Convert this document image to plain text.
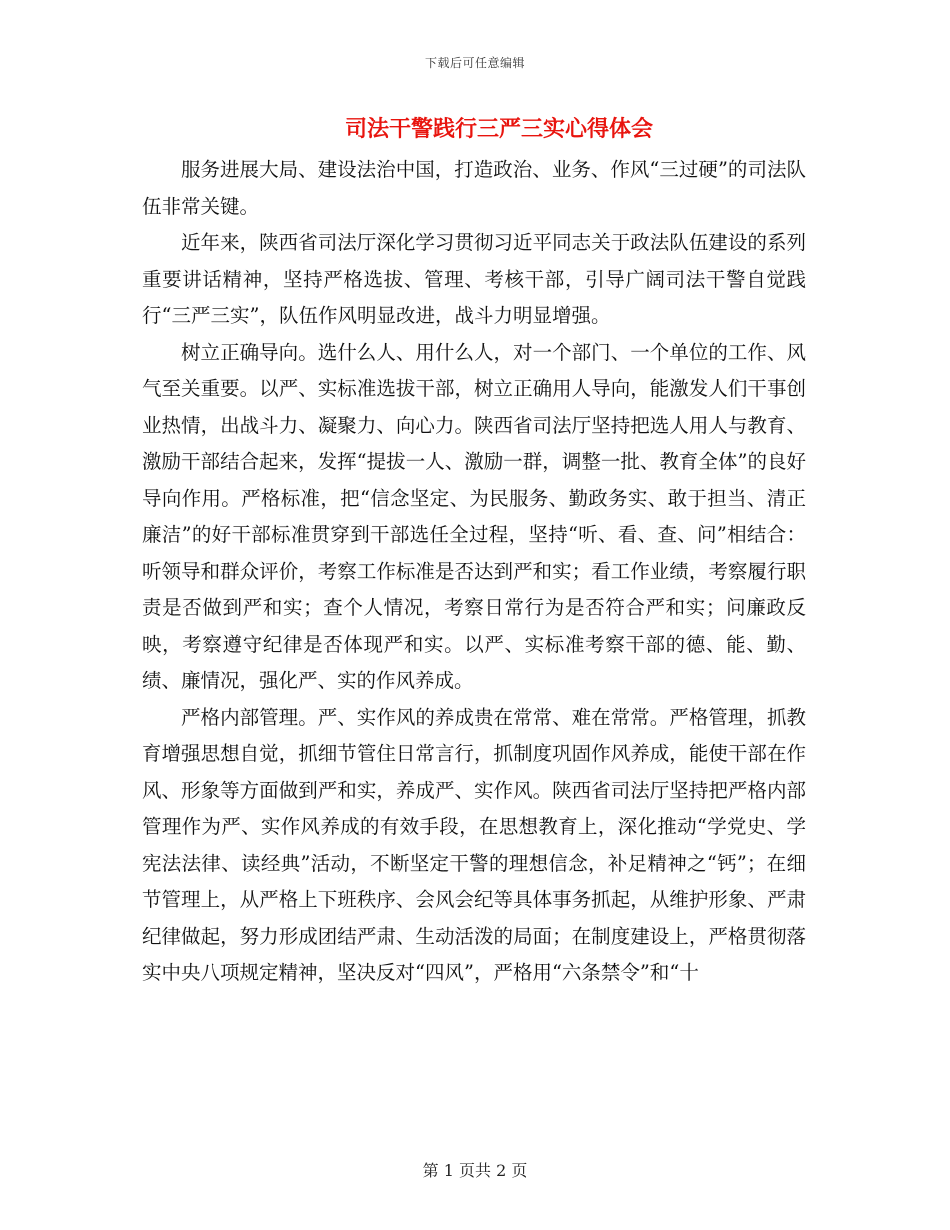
下载后可任意编辑
司法干警践行三严三实心得体会

服务进展大局、建设法治中国，打造政治、业务、作风“三过硬”的司法队伍非常关键。

近年来，陕西省司法厅深化学习贯彻习近平同志关于政法队伍建设的系列重要讲话精神，坚持严格选拔、管理、考核干部，引导广阔司法干警自觉践行“三严三实”，队伍作风明显改进，战斗力明显增强。

树立正确导向。选什么人、用什么人，对一个部门、一个单位的工作、风气至关重要。以严、实标准选拔干部，树立正确用人导向，能激发人们干事创业热情，出战斗力、凝聚力、向心力。陕西省司法厅坚持把选人用人与教育、激励干部结合起来，发挥“提拔一人、激励一群，调整一批、教育全体”的良好导向作用。严格标准，把“信念坚定、为民服务、勤政务实、敢于担当、清正廉洁”的好干部标准贯穿到干部选任全过程，坚持“听、看、查、问”相结合：听领导和群众评价，考察工作标准是否达到严和实；看工作业绩，考察履行职责是否做到严和实；查个人情况，考察日常行为是否符合严和实；问廉政反映，考察遵守纪律是否体现严和实。以严、实标准考察干部的德、能、勤、绩、廉情况，强化严、实的作风养成。

严格内部管理。严、实作风的养成贵在常常、难在常常。严格管理，抓教育增强思想自觉，抓细节管住日常言行，抓制度巩固作风养成，能使干部在作风、形象等方面做到严和实，养成严、实作风。陕西省司法厅坚持把严格内部管理作为严、实作风养成的有效手段，在思想教育上，深化推动“学党史、学宪法法律、读经典”活动，不断坚定干警的理想信念，补足精神之“钙”；在细节管理上，从严格上下班秩序、会风会纪等具体事务抓起，从维护形象、严肃纪律做起，努力形成团结严肃、生动活泼的局面；在制度建设上，严格贯彻落实中央八项规定精神，坚决反对“四风”，严格用“六条禁令”和“十

第 1 页共 2 页
